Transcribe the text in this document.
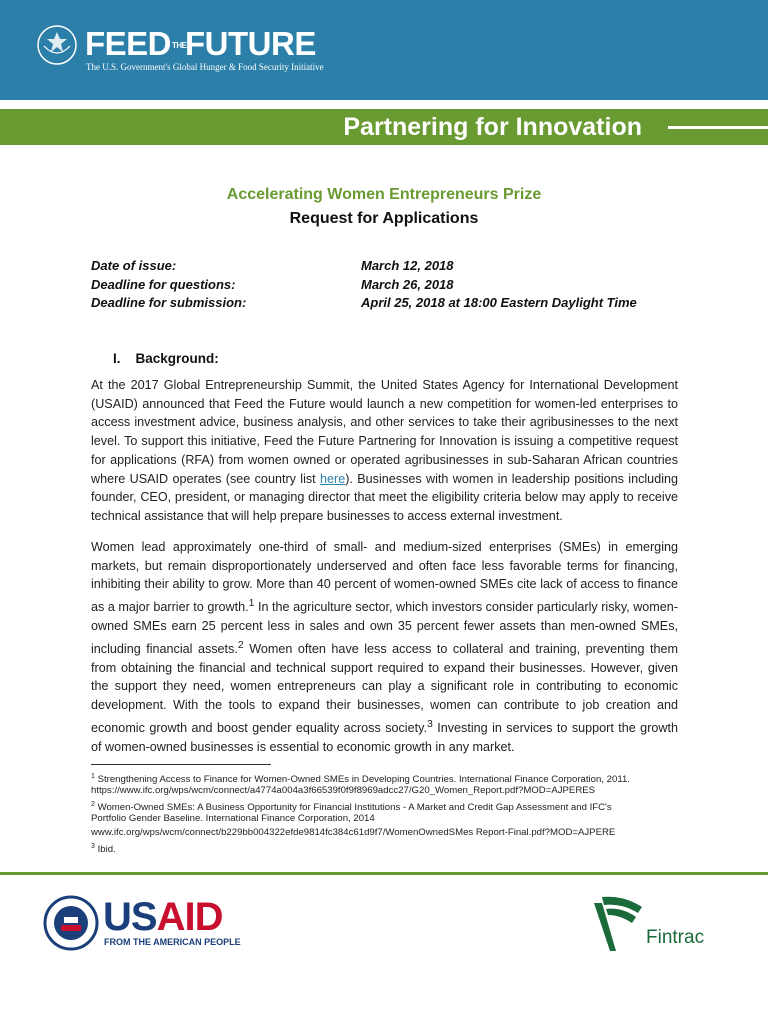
FEEDTHEFUTURE
The U.S. Government's Global Hunger & Food Security Initiative
Partnering for Innovation
Accelerating Women Entrepreneurs Prize
Request for Applications
Date of issue:	March 12, 2018
Deadline for questions:	March 26, 2018
Deadline for submission:	April 25, 2018 at 18:00 Eastern Daylight Time
I. Background:

At the 2017 Global Entrepreneurship Summit, the United States Agency for International Development (USAID) announced that Feed the Future would launch a new competition for women-led enterprises to access investment advice, business analysis, and other services to take their agribusinesses to the next level. To support this initiative, Feed the Future Partnering for Innovation is issuing a competitive request for applications (RFA) from women owned or operated agribusinesses in sub-Saharan African countries where USAID operates (see country list here). Businesses with women in leadership positions including founder, CEO, president, or managing director that meet the eligibility criteria below may apply to receive technical assistance that will help prepare businesses to access external investment.

Women lead approximately one-third of small- and medium-sized enterprises (SMEs) in emerging markets, but remain disproportionately underserved and often face less favorable terms for financing, inhibiting their ability to grow. More than 40 percent of women-owned SMEs cite lack of access to finance as a major barrier to growth.$^1$ In the agriculture sector, which investors consider particularly risky, women-owned SMEs earn 25 percent less in sales and own 35 percent fewer assets than men-owned SMEs, including financial assets.$^2$ Women often have less access to collateral and training, preventing them from obtaining the financial and technical support required to expand their businesses. However, given the support they need, women entrepreneurs can play a significant role in contributing to economic development. With the tools to expand their businesses, women can contribute to job creation and economic growth and boost gender equality across society.$^3$ Investing in services to support the growth of women-owned businesses is essential to economic growth in any market.

$^1$ Strengthening Access to Finance for Women-Owned SMEs in Developing Countries. International Finance Corporation, 2011.
https://www.ifc.org/wps/wcm/connect/a4774a004a3f66539f0f9f8969adcc27/G20_Women_Report.pdf?MOD=AJPERES
$^2$ Women-Owned SMEs: A Business Opportunity for Financial Institutions - A Market and Credit Gap Assessment and IFC's
Portfolio Gender Baseline. International Finance Corporation, 2014
www.ifc.org/wps/wcm/connect/b229bb004322efde9814fc384c61d9f7/WomenOwnedSMes Report-Final.pdf?MOD=AJPERE
$^3$ Ibid.
USAID
FROM THE AMERICAN PEOPLE	Fintrac
